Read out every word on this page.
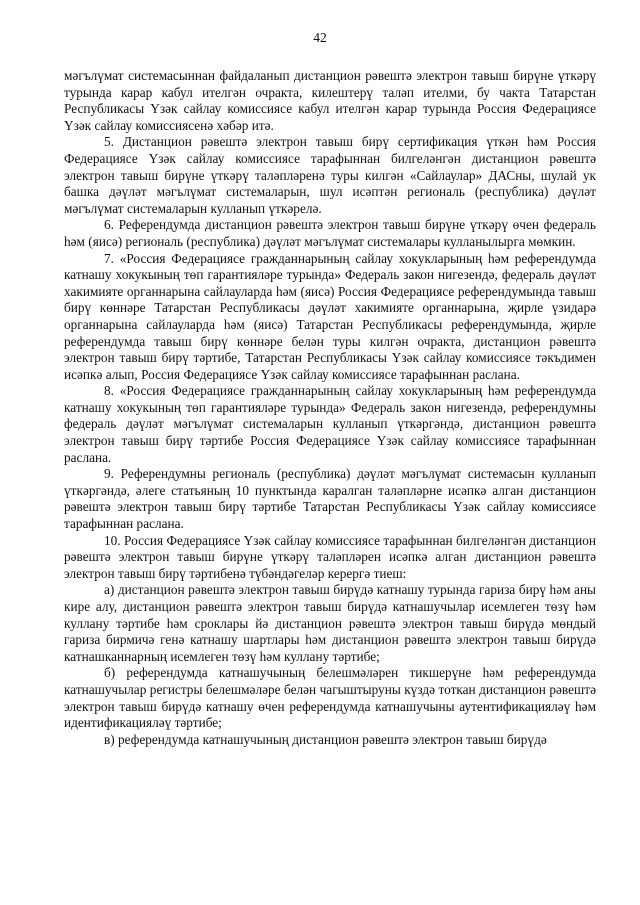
42

мәгълүмат системасыннан файдаланып дистанцион рәвештә электрон тавыш бирүне үткәрү турында карар кабул ителгән очракта, килештерү таләп ителми, бу чакта Татарстан Республикасы Үзәк сайлау комиссиясе кабул ителгән карар турында Россия Федерациясе Үзәк сайлау комиссиясенә хәбәр итә.

5. Дистанцион рәвештә электрон тавыш бирү сертификация үткән һәм Россия Федерациясе Үзәк сайлау комиссиясе тарафыннан билгеләнгән дистанцион рәвештә электрон тавыш бирүне үткәрү таләпләренә туры килгән «Сайлаулар» ДАСны, шулай ук башка дәүләт мәгълүмат системаларын, шул исәптән региональ (республика) дәүләт мәгълүмат системаларын кулланып үткәрелә.

6. Референдумда дистанцион рәвештә электрон тавыш бирүне үткәрү өчен федераль һәм (яисә) региональ (республика) дәүләт мәгълүмат системалары кулланылырга мөмкин.

7. «Россия Федерациясе гражданнарының сайлау хокукларының һәм референдумда катнашу хокукының төп гарантияләре турында» Федераль закон нигезендә, федераль дәүләт хакимияте органнарына сайлауларда һәм (яисә) Россия Федерациясе референдумында тавыш бирү көннәре Татарстан Республикасы дәүләт хакимияте органнарына, җирле үзидарә органнарына сайлауларда һәм (яисә) Татарстан Республикасы референдумында, җирле референдумда тавыш бирү көннәре белән туры килгән очракта, дистанцион рәвештә электрон тавыш бирү тәртибе, Татарстан Республикасы Үзәк сайлау комиссиясе тәкъдимен исәпкә алып, Россия Федерациясе Үзәк сайлау комиссиясе тарафыннан раслана.

8. «Россия Федерациясе гражданнарының сайлау хокукларының һәм референдумда катнашу хокукының төп гарантияләре турында» Федераль закон нигезендә, референдумны федераль дәүләт мәгълүмат системаларын кулланып үткәргәндә, дистанцион рәвештә электрон тавыш бирү тәртибе Россия Федерациясе Үзәк сайлау комиссиясе тарафыннан раслана.

9. Референдумны региональ (республика) дәүләт мәгълүмат системасын кулланып үткәргәндә, әлеге статьяның 10 пунктында каралган таләпләрне исәпкә алган дистанцион рәвештә электрон тавыш бирү тәртибе Татарстан Республикасы Үзәк сайлау комиссиясе тарафыннан раслана.

10. Россия Федерациясе Үзәк сайлау комиссиясе тарафыннан билгеләнгән дистанцион рәвештә электрон тавыш бирүне үткәрү таләпләрен исәпкә алган дистанцион рәвештә электрон тавыш бирү тәртибенә түбәндәгеләр керергә тиеш:

а) дистанцион рәвештә электрон тавыш бирүдә катнашу турында гариза бирү һәм аны кире алу, дистанцион рәвештә электрон тавыш бирүдә катнашучылар исемлеген төзү һәм куллану тәртибе һәм сроклары йә дистанцион рәвештә электрон тавыш бирүдә мөндый гариза бирмичә генә катнашу шартлары һәм дистанцион рәвештә электрон тавыш бирүдә катнашканнарның исемлеген төзү һәм куллану тәртибе;

б) референдумда катнашучының белешмәләрен тикшерүне һәм референдумда катнашучылар регистры белешмәләре белән чагыштыруны күздә тоткан дистанцион рәвештә электрон тавыш бирүдә катнашу өчен референдумда катнашучыны аутентификацияләү һәм идентификацияләү тәртибе;

в) референдумда катнашучының дистанцион рәвештә электрон тавыш бирүдә
